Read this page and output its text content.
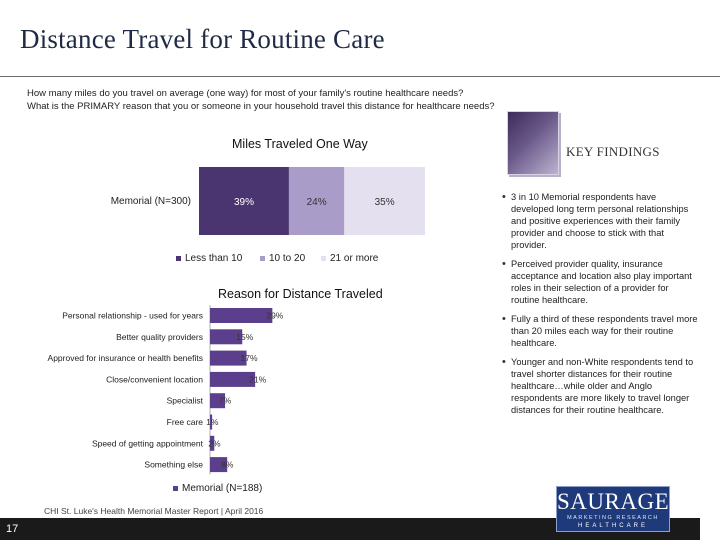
Distance Travel for Routine Care
How many miles do you travel on average (one way) for most of your family's routine healthcare needs?
What is the PRIMARY reason that you or someone in your household travel this distance for healthcare needs?
Miles Traveled One Way
Memorial (N=300)	39%	24%	35%
Personal relationship - used for years	29%
Better quality providers	15%
Approved for insurance or health benefits	17%
Close/convenient location	21%
Specialist 7%
Free care 1%
Speed of getting appointment 2%
Something else 8%
Less than 10	10 to 20 21 or more
Reason for Distance Traveled
Memorial (N=188)
KEY FINDINGS
• 3 in 10 Memorial respondents have developed long term personal relationships and positive experiences with their family provider and choose to stick with that provider.
• Perceived provider quality, insurance acceptance and location also play important roles in their selection of a provider for routine healthcare.
• Fully a third of these respondents travel more than 20 miles each way for their routine healthcare.
• Younger and non-White respondents tend to travel shorter distances for their routine healthcare…while older and Anglo respondents are more likely to travel longer distances for their routine healthcare.
CHI St. Luke's Health Memorial Master Report | April 2016
17
SAURAGE
MARKETING RESEARCH
HEALTHCARE
